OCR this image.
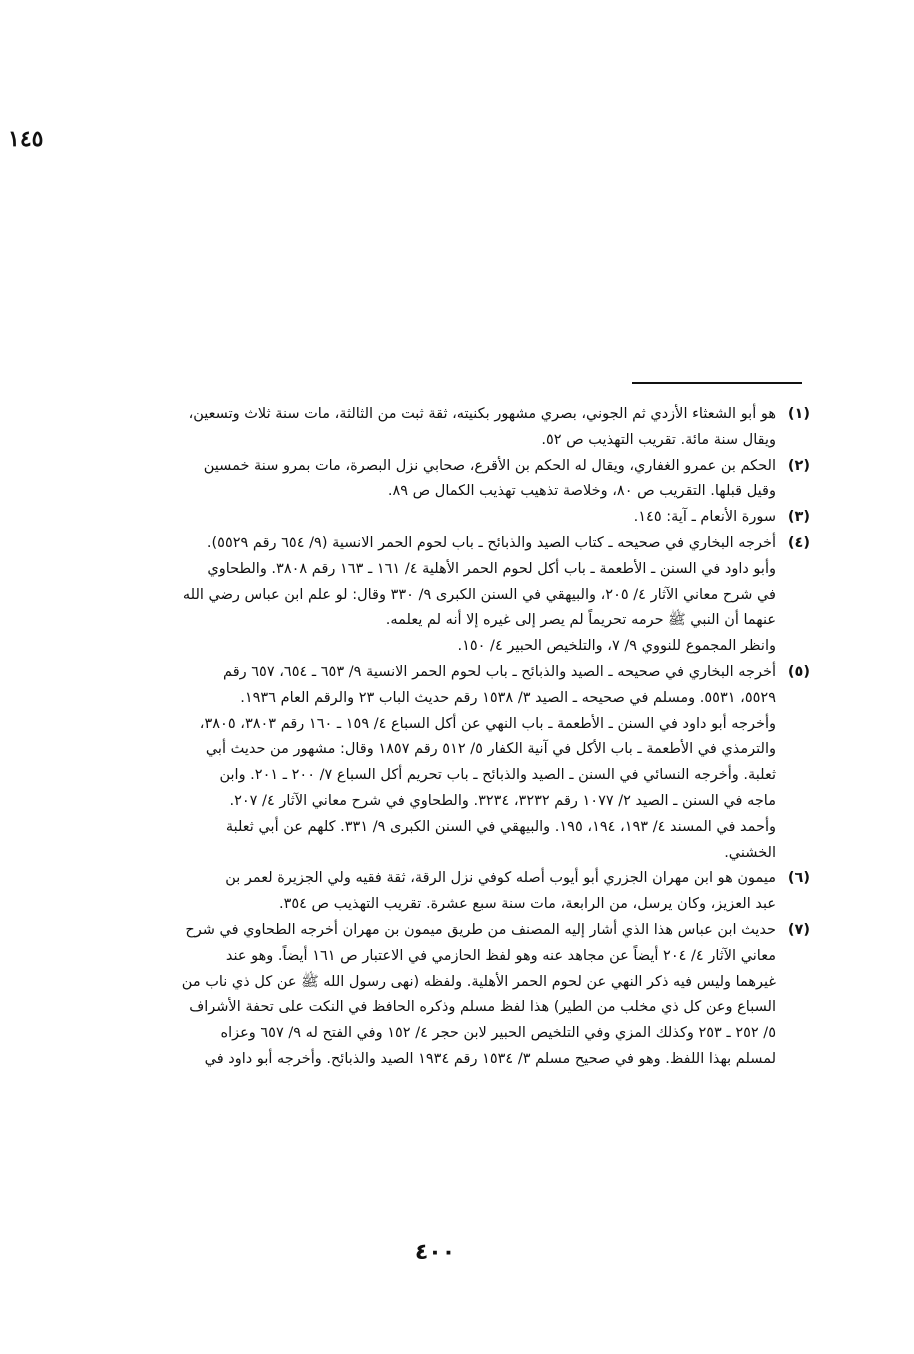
١٤٥
(١)
هو أبو الشعثاء الأزدي ثم الجوني، بصري مشهور بكنيته، ثقة ثبت من الثالثة، مات سنة ثلاث وتسعين،
ويقال سنة مائة. تقريب التهذيب ص ٥٢.
(٢)
الحكم بن عمرو الغفاري، ويقال له الحكم بن الأقرع، صحابي نزل البصرة، مات بمرو سنة خمسين
وقيل قبلها. التقريب ص ٨٠، وخلاصة تذهيب تهذيب الكمال ص ٨٩.
(٣)
سورة الأنعام ـ آية: ١٤٥.
(٤)
أخرجه البخاري في صحيحه ـ كتاب الصيد والذبائح ـ باب لحوم الحمر الانسية (٩/ ٦٥٤ رقم ٥٥٢٩).
وأبو داود في السنن ـ الأطعمة ـ باب أكل لحوم الحمر الأهلية ٤/ ١٦١ ـ ١٦٣ رقم ٣٨٠٨. والطحاوي
في شرح معاني الآثار ٤/ ٢٠٥، والبيهقي في السنن الكبرى ٩/ ٣٣٠ وقال: لو علم ابن عباس رضي الله
عنهما أن النبي ﷺ حرمه تحريماً لم يصر إلى غيره إلا أنه لم يعلمه.
وانظر المجموع للنووي ٩/ ٧، والتلخيص الحبير ٤/ ١٥٠.
(٥)
أخرجه البخاري في صحيحه ـ الصيد والذبائح ـ باب لحوم الحمر الانسية ٩/ ٦٥٣ ـ ٦٥٤، ٦٥٧ رقم
٥٥٢٩، ٥٥٣١. ومسلم في صحيحه ـ الصيد ٣/ ١٥٣٨ رقم حديث الباب ٢٣ والرقم العام ١٩٣٦.
وأخرجه أبو داود في السنن ـ الأطعمة ـ باب النهي عن أكل السباع ٤/ ١٥٩ ـ ١٦٠ رقم ٣٨٠٣، ٣٨٠٥،
والترمذي في الأطعمة ـ باب الأكل في آنية الكفار ٥/ ٥١٢ رقم ١٨٥٧ وقال: مشهور من حديث أبي
ثعلبة. وأخرجه النسائي في السنن ـ الصيد والذبائح ـ باب تحريم أكل السباع ٧/ ٢٠٠ ـ ٢٠١. وابن
ماجه في السنن ـ الصيد ٢/ ١٠٧٧ رقم ٣٢٣٢، ٣٢٣٤. والطحاوي في شرح معاني الآثار ٤/ ٢٠٧.
وأحمد في المسند ٤/ ١٩٣، ١٩٤، ١٩٥. والبيهقي في السنن الكبرى ٩/ ٣٣١. كلهم عن أبي ثعلبة
الخشني.
(٦)
ميمون هو ابن مهران الجزري أبو أيوب أصله كوفي نزل الرقة، ثقة فقيه ولي الجزيرة لعمر بن
عبد العزيز، وكان يرسل، من الرابعة، مات سنة سبع عشرة. تقريب التهذيب ص ٣٥٤.
(٧)
حديث ابن عباس هذا الذي أشار إليه المصنف من طريق ميمون بن مهران أخرجه الطحاوي في شرح
معاني الآثار ٤/ ٢٠٤ أيضاً عن مجاهد عنه وهو لفظ الحازمي في الاعتبار ص ١٦١ أيضاً. وهو عند
غيرهما وليس فيه ذكر النهي عن لحوم الحمر الأهلية. ولفظه (نهى رسول الله ﷺ عن كل ذي ناب من
السباع وعن كل ذي مخلب من الطير) هذا لفظ مسلم وذكره الحافظ في النكت على تحفة الأشراف
٥/ ٢٥٢ ـ ٢٥٣ وكذلك المزي وفي التلخيص الحبير لابن حجر ٤/ ١٥٢ وفي الفتح له ٩/ ٦٥٧ وعزاه
لمسلم بهذا اللفظ. وهو في صحيح مسلم ٣/ ١٥٣٤ رقم ١٩٣٤ الصيد والذبائح. وأخرجه أبو داود في
٤٠٠
